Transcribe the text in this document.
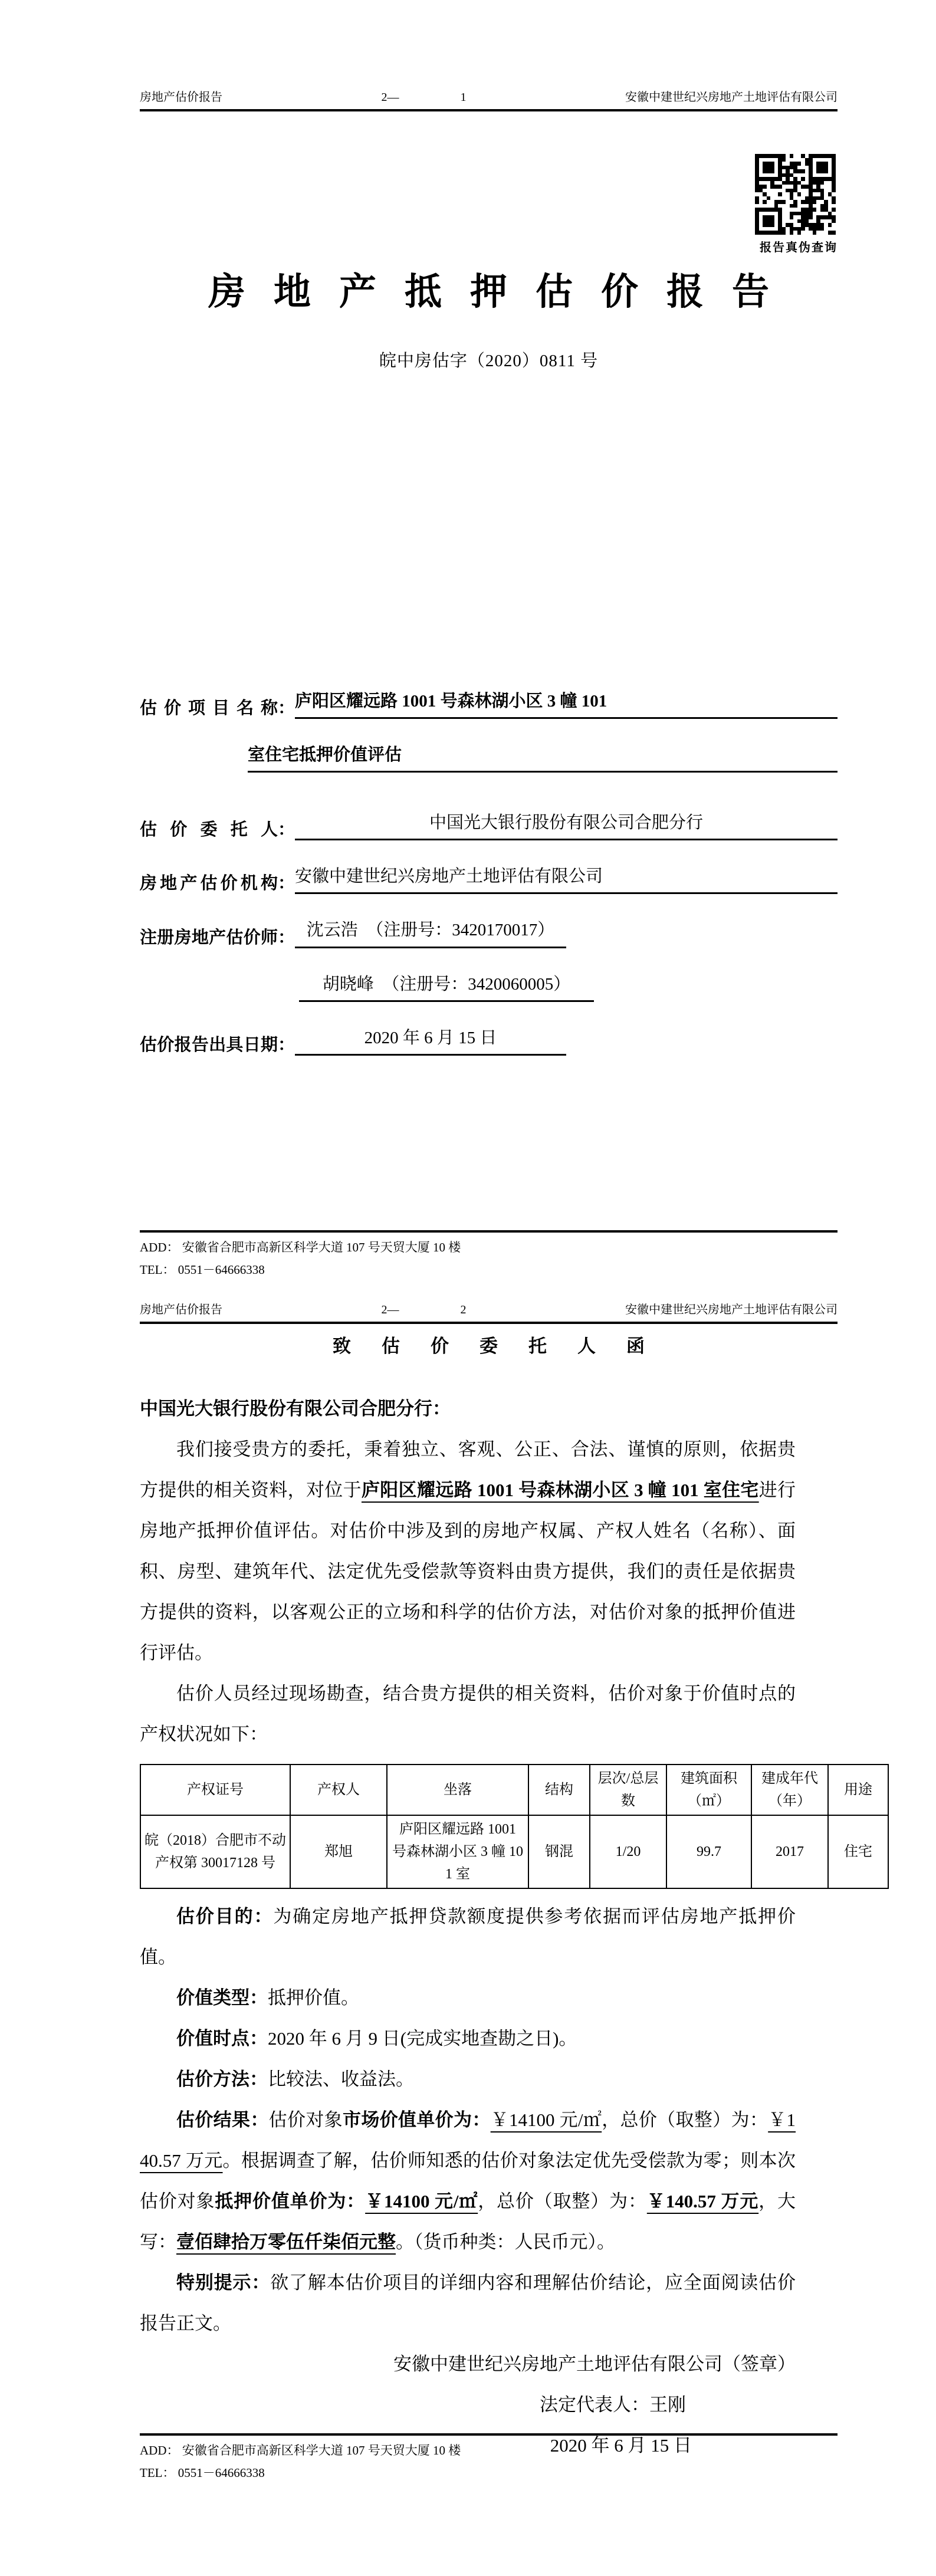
房地产估价报告	2—	1	安徽中建世纪兴房地产土地评估有限公司
报告真伪查询
房地产抵押估价报告
皖中房估字（2020）0811 号
估价项目名称 ： 庐阳区耀远路 1001 号森林湖小区 3 幢 101
室住宅抵押价值评估
估价委托人 ：	中国光大银行股份有限公司合肥分行
房地产估价机构 ： 安徽中建世纪兴房地产土地评估有限公司
注册房地产估价师 ： 沈云浩　（注册号：3420170017）
胡晓峰　（注册号：3420060005）
估价报告出具日期 ：	2020 年 6 月 15 日
ADD： 安徽省合肥市高新区科学大道 107 号天贸大厦 10 楼
TEL： 0551－64666338
房地产估价报告	2—	2	安徽中建世纪兴房地产土地评估有限公司
致估价委托人函
中国光大银行股份有限公司合肥分行：
我们接受贵方的委托，秉着独立、客观、公正、合法、谨慎的原则，依据贵方提供的相关资料，对位于庐阳区耀远路 1001 号森林湖小区 3 幢 101 室住宅进行房地产抵押价值评估。对估价中涉及到的房地产权属、产权人姓名（名称）、面积、房型、建筑年代、法定优先受偿款等资料由贵方提供，我们的责任是依据贵方提供的资料，以客观公正的立场和科学的估价方法，对估价对象的抵押价值进行评估。
估价人员经过现场勘查，结合贵方提供的相关资料，估价对象于价值时点的产权状况如下：
产权证号	产权人	坐落	结构	层次/总层数	建筑面积（㎡）	建成年代（年）	用途
皖（2018）合肥市不动产权第 30017128 号	郑旭	庐阳区耀远路 1001 号森林湖小区 3 幢 101 室	钢混	1/20	99.7	2017	住宅
估价目的：为确定房地产抵押贷款额度提供参考依据而评估房地产抵押价值。
价值类型：抵押价值。
价值时点：2020 年 6 月 9 日(完成实地查勘之日)。
估价方法：比较法、收益法。
估价结果：估价对象市场价值单价为：￥14100 元/㎡，总价（取整）为：￥140.57 万元。根据调查了解，估价师知悉的估价对象法定优先受偿款为零；则本次估价对象抵押价值单价为：￥14100 元/㎡，总价（取整）为：￥140.57 万元，大写：壹佰肆拾万零伍仟柒佰元整。（货币种类：人民币元）。
特别提示：欲了解本估价项目的详细内容和理解估价结论，应全面阅读估价报告正文。
安徽中建世纪兴房地产土地评估有限公司（签章）
法定代表人：王刚
2020 年 6 月 15 日
ADD： 安徽省合肥市高新区科学大道 107 号天贸大厦 10 楼
TEL： 0551－64666338
